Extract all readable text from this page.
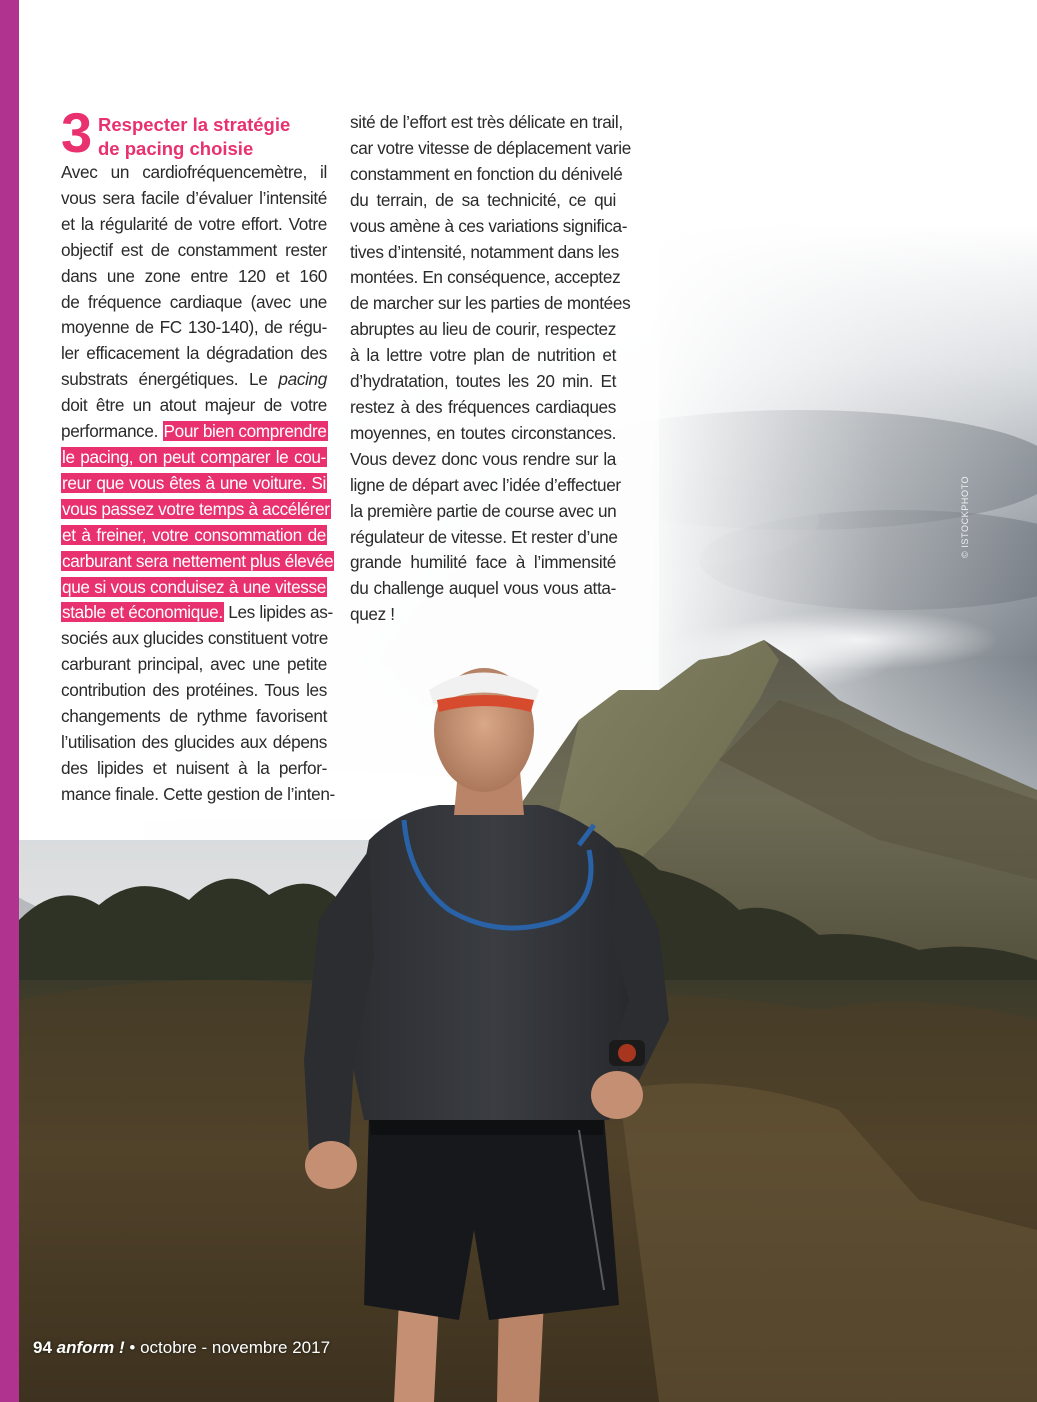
3 Respecter la stratégie
de pacing choisie
Avec un cardiofréquencemètre, il
vous sera facile d’évaluer l’intensité
et la régularité de votre effort. Votre
objectif est de constamment rester
dans une zone entre 120 et 160
de fréquence cardiaque (avec une
moyenne de FC 130-140), de régu-
ler efficacement la dégradation des
substrats énergétiques. Le pacing
doit être un atout majeur de votre
performance. Pour bien comprendre
le pacing, on peut comparer le cou-
reur que vous êtes à une voiture. Si
vous passez votre temps à accélérer
et à freiner, votre consommation de
carburant sera nettement plus élevée
que si vous conduisez à une vitesse
stable et économique. Les lipides as-
sociés aux glucides constituent votre
carburant principal, avec une petite
contribution des protéines. Tous les
changements de rythme favorisent
l’utilisation des glucides aux dépens
des lipides et nuisent à la perfor-
mance finale. Cette gestion de l’inten-
sité de l’effort est très délicate en trail,
car votre vitesse de déplacement varie
constamment en fonction du dénivelé
du terrain, de sa technicité, ce qui
vous amène à ces variations significa-
tives d’intensité, notamment dans les
montées. En conséquence, acceptez
de marcher sur les parties de montées
abruptes au lieu de courir, respectez
à la lettre votre plan de nutrition et
d’hydratation, toutes les 20 min. Et
restez à des fréquences cardiaques
moyennes, en toutes circonstances.
Vous devez donc vous rendre sur la
ligne de départ avec l’idée d’effectuer
la première partie de course avec un
régulateur de vitesse. Et rester d’une
grande humilité face à l’immensité
du challenge auquel vous vous atta-
quez !
© ISTOCKPHOTO
94 anform ! • octobre - novembre 2017
